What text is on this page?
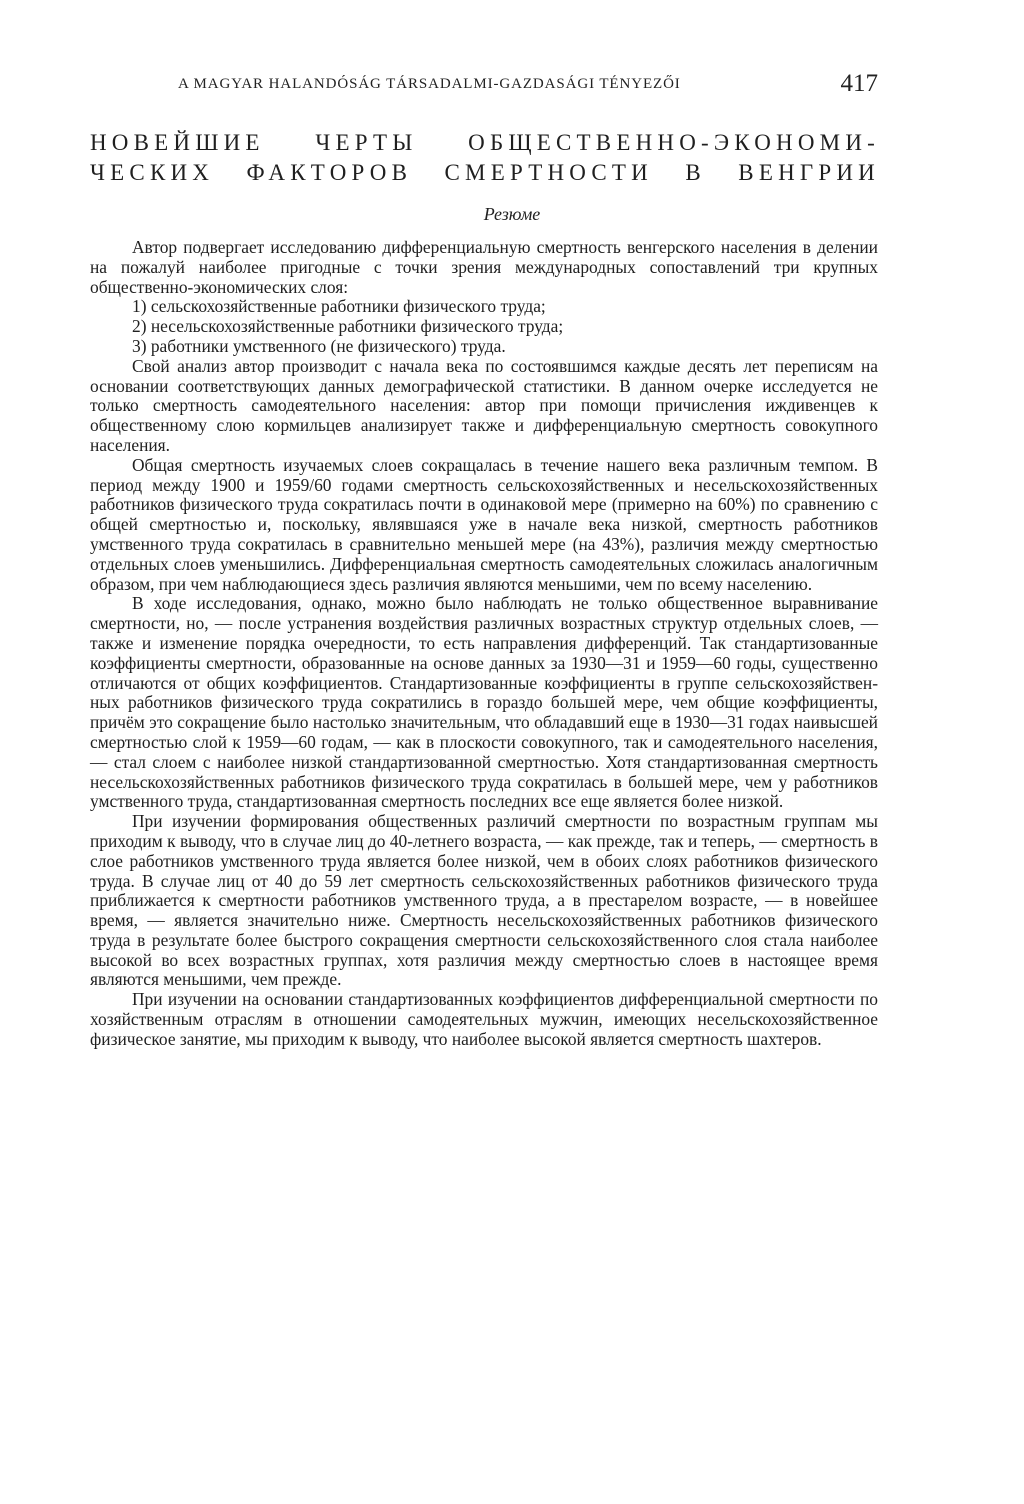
A MAGYAR HALANDÓSÁG TÁRSADALMI-GAZDASÁGI TÉNYEZŐI	417
НОВЕЙШИЕ ЧЕРТЫ ОБЩЕСТВЕННО-ЭКОНОМИ-
ЧЕСКИХ ФАКТОРОВ СМЕРТНОСТИ В ВЕНГРИИ
Резюме

Автор подвергает исследованию дифференциальную смертность венгерского населения в делении на пожалуй наиболее пригодные с точки зрения международных сопоставлений три крупных общественно-экономических слоя:

1) сельскохозяйственные работники физического труда;
2) несельскохозяйственные работники физического труда;
3) работники умственного (не физического) труда.

Свой анализ автор производит с начала века по состоявшимся каждые десять лет переписям на основании соответствующих данных демографической статистики. В данном очерке исследуется не только смертность самодеятельного населения: автор при помощи причисления иждивенцев к общественному слою кормильцев анализирует также и дифференциальную смертность совокупного населения.

Общая смертность изучаемых слоев сокращалась в течение нашего века различным темпом. В период между 1900 и 1959/60 годами смертность сельскохозяйственных и несельскохозяйственных работников физического труда сократилась почти в одинаковой мере (примерно на 60%) по сравнению с общей смертностью и, поскольку, являвшаяся уже в начале века низкой, смертность работников умственного труда сократилась в сравнительно меньшей мере (на 43%), различия между смертностью отдельных слоев уменьшились. Дифференциальная смертность самодеятельных сложилась аналогичным образом, при чем наблюдающиеся здесь различия являются меньшими, чем по всему населению.

В ходе исследования, однако, можно было наблюдать не только общественное выравнивание смертности, но, — после устранения воздействия различных возрастных структур отдельных слоев, — также и изменение порядка очередности, то есть направления дифференций. Так стандартизованные коэффициенты смертности, образованные на основе данных за 1930—31 и 1959—60 годы, существенно отличаются от общих коэффициентов. Стандартизованные коэффициенты в группе сельскохозяйственных работников физического труда сократились в гораздо большей мере, чем общие коэффициенты, причём это сокращение было настолько значительным, что обладавший еще в 1930—31 годах наивысшей смертностью слой к 1959—60 годам, — как в плоскости совокупного, так и самодеятельного населения, — стал слоем с наиболее низкой стандартизованной смертностью. Хотя стандартизованная смертность несельскохозяйственных работников физического труда сократилась в большей мере, чем у работников умственного труда, стандартизованная смертность последних все еще является более низкой.

При изучении формирования общественных различий смертности по возрастным группам мы приходим к выводу, что в случае лиц до 40-летнего возраста, — как прежде, так и теперь, — смертность в слое работников умственного труда является более низкой, чем в обоих слоях работников физического труда. В случае лиц от 40 до 59 лет смертность сельскохозяйственных работников физического труда приближается к смертности работников умственного труда, а в престарелом возрасте, — в новейшее время, — является значительно ниже. Смертность несельскохозяйственных работников физического труда в результате более быстрого сокращения смертности сельскохозяйственного слоя стала наиболее высокой во всех возрастных группах, хотя различия между смертностью слоев в настоящее время являются меньшими, чем прежде.

При изучении на основании стандартизованных коэффициентов дифференциальной смертности по хозяйственным отраслям в отношении самодеятельных мужчин, имеющих несельскохозяйственное физическое занятие, мы приходим к выводу, что наиболее высокой является смертность шахтеров.
